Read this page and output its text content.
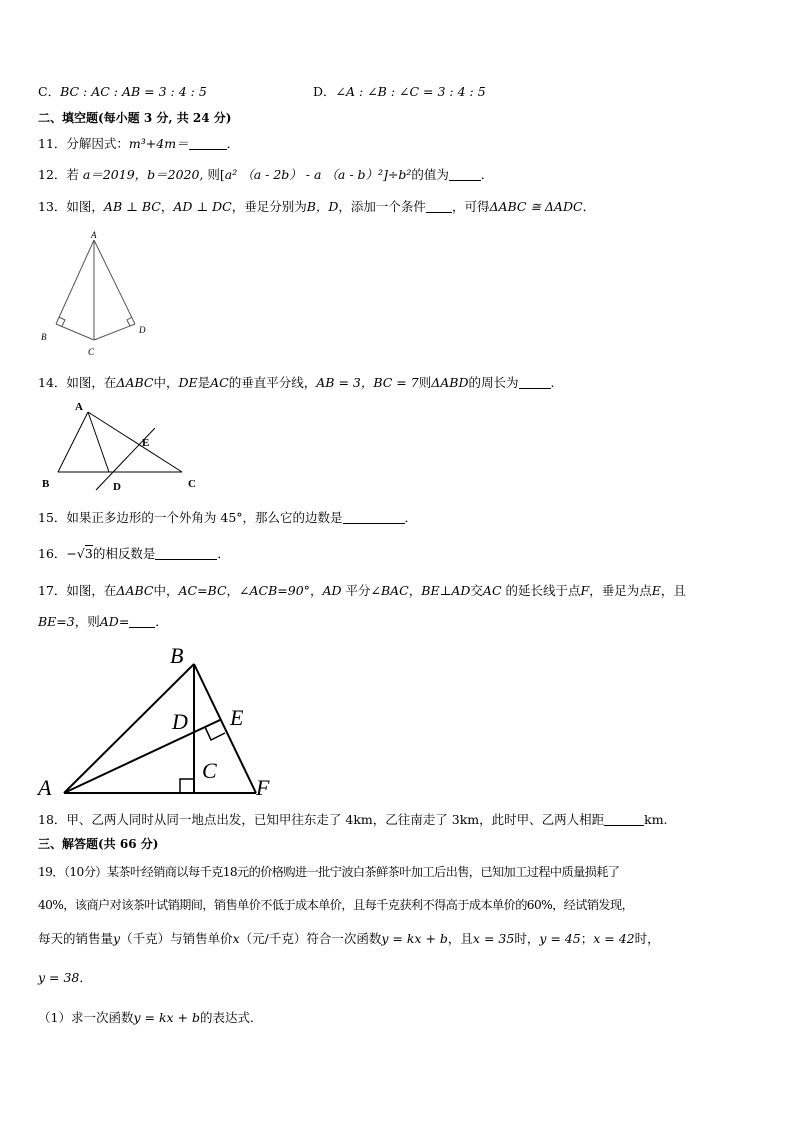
C．BC : AC : AB = 3 : 4 : 5	D．∠A : ∠B : ∠C = 3 : 4 : 5
二、填空题(每小题 3 分, 共 24 分)
11．分解因式：m³+4m＝	．
12．若 a＝2019，b＝2020, 则[a² （a - 2b） - a （a - b）²]÷b²的值为	．
13．如图，AB ⊥ BC，AD ⊥ DC，垂足分别为B，D，添加一个条件 ，可得ΔABC ≅ ΔADC．
A
B
C
D
14．如图，在ΔABC中，DE是AC的垂直平分线，AB = 3，BC = 7则ΔABD的周长为	.
A
B	C
D
E
15．如果正多边形的一个外角为 45°，那么它的边数是	．
16．−√3的相反数是	．
17．如图，在ΔABC中，AC=BC，∠ACB=90°，AD 平分∠BAC，BE⊥AD交AC 的延长线于点F，垂足为点E，且
BE=3，则AD= ．
B
A
D E
C
F
18．甲、乙两人同时从同一地点出发，已知甲往东走了 4km，乙往南走了 3km，此时甲、乙两人相距	km.
三、解答题(共 66 分)
19．（10分）某茶叶经销商以每千克18元的价格购进一批宁波白茶鲜茶叶加工后出售，已知加工过程中质量损耗了
40%，该商户对该茶叶试销期间，销售单价不低于成本单价，且每千克获利不得高于成本单价的60%，经试销发现，
每天的销售量y（千克）与销售单价x（元/千克）符合一次函数y = kx + b，且x = 35时，y = 45；x = 42时，
y = 38．
（1）求一次函数y = kx + b的表达式．
